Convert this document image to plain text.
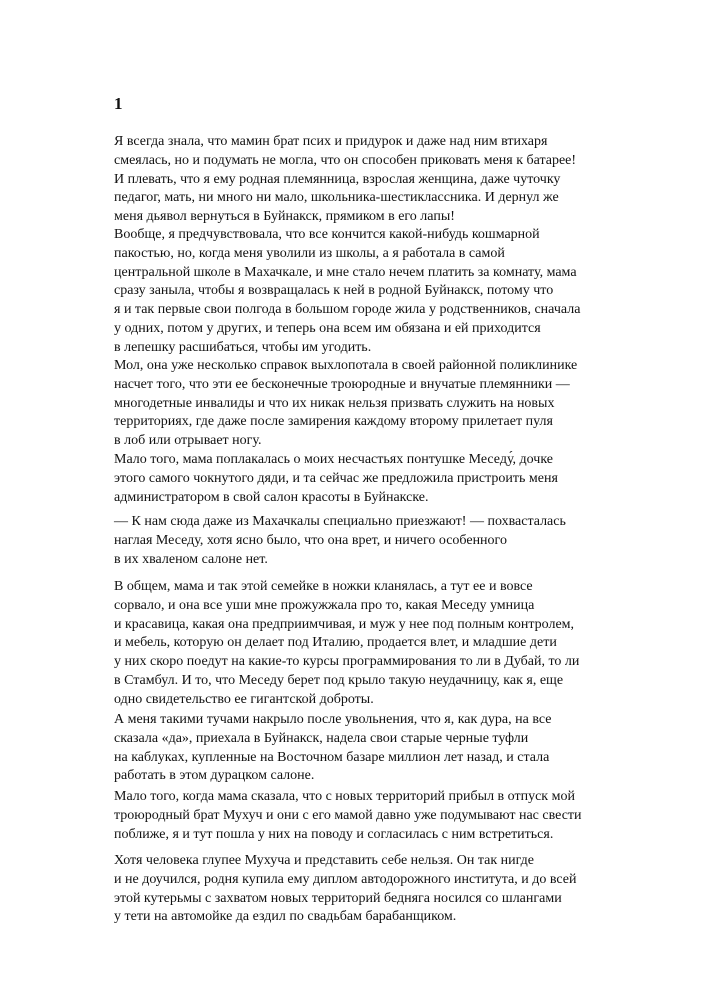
1
Я всегда знала, что мамин брат псих и придурок и даже над ним втихаря
смеялась, но и подумать не могла, что он способен приковать меня к батарее!
И плевать, что я ему родная племянница, взрослая женщина, даже чуточку
педагог, мать, ни много ни мало, школьника-шестиклассника. И дернул же
меня дьявол вернуться в Буйнакск, прямиком в его лапы!
Вообще, я предчувствовала, что все кончится какой-нибудь кошмарной
пакостью, но, когда меня уволили из школы, а я работала в самой
центральной школе в Махачкале, и мне стало нечем платить за комнату, мама
сразу заныла, чтобы я возвращалась к ней в родной Буйнакск, потому что
я и так первые свои полгода в большом городе жила у родственников, сначала
у одних, потом у других, и теперь она всем им обязана и ей приходится
в лепешку расшибаться, чтобы им угодить.
Мол, она уже несколько справок выхлопотала в своей районной поликлинике
насчет того, что эти ее бесконечные троюродные и внучатые племянники —
многодетные инвалиды и что их никак нельзя призвать служить на новых
территориях, где даже после замирения каждому второму прилетает пуля
в лоб или отрывает ногу.
Мало того, мама поплакалась о моих несчастьях понтушке Меседу́, дочке
этого самого чокнутого дяди, и та сейчас же предложила пристроить меня
администратором в свой салон красоты в Буйнакске.
— К нам сюда даже из Махачкалы специально приезжают! — похвасталась
наглая Меседу, хотя ясно было, что она врет, и ничего особенного
в их хваленом салоне нет.
В общем, мама и так этой семейке в ножки кланялась, а тут ее и вовсе
сорвало, и она все уши мне прожужжала про то, какая Меседу умница
и красавица, какая она предприимчивая, и муж у нее под полным контролем,
и мебель, которую он делает под Италию, продается влет, и младшие дети
у них скоро поедут на какие-то курсы программирования то ли в Дубай, то ли
в Стамбул. И то, что Меседу берет под крыло такую неудачницу, как я, еще
одно свидетельство ее гигантской доброты.
А меня такими тучами накрыло после увольнения, что я, как дура, на все
сказала «да», приехала в Буйнакск, надела свои старые черные туфли
на каблуках, купленные на Восточном базаре миллион лет назад, и стала
работать в этом дурацком салоне.
Мало того, когда мама сказала, что с новых территорий прибыл в отпуск мой
троюродный брат Мухуч и они с его мамой давно уже подумывают нас свести
поближе, я и тут пошла у них на поводу и согласилась с ним встретиться.
Хотя человека глупее Мухуча и представить себе нельзя. Он так нигде
и не доучился, родня купила ему диплом автодорожного института, и до всей
этой кутерьмы с захватом новых территорий бедняга носился со шлангами
у тети на автомойке да ездил по свадьбам барабанщиком.
